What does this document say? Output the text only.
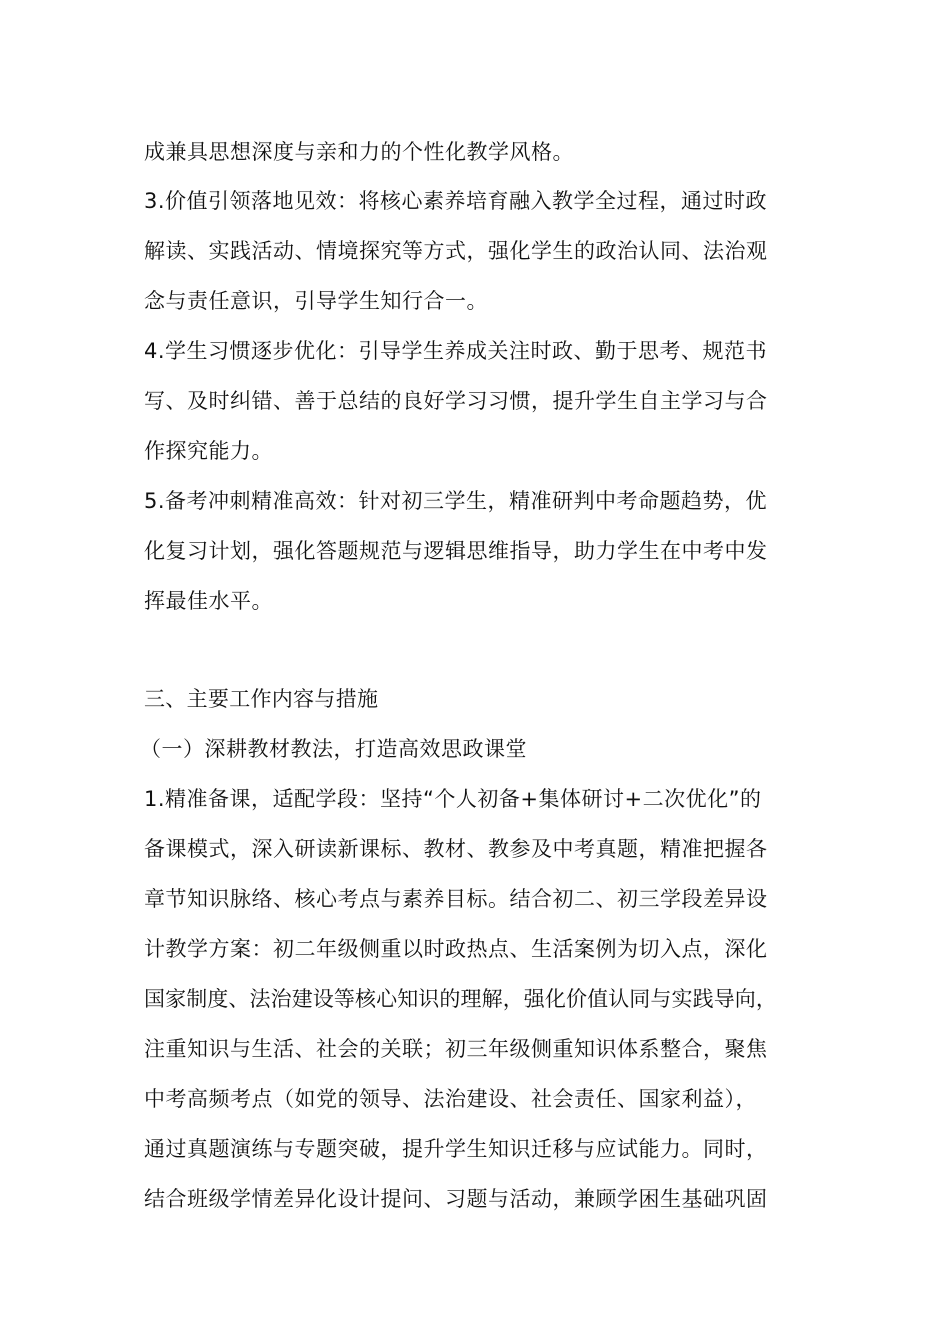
成兼具思想深度与亲和力的个性化教学风格。
3.价值引领落地见效：将核心素养培育融入教学全过程，通过时政
解读、实践活动、情境探究等方式，强化学生的政治认同、法治观
念与责任意识，引导学生知行合一。
4.学生习惯逐步优化：引导学生养成关注时政、勤于思考、规范书
写、及时纠错、善于总结的良好学习习惯，提升学生自主学习与合
作探究能力。
5.备考冲刺精准高效：针对初三学生，精准研判中考命题趋势，优
化复习计划，强化答题规范与逻辑思维指导，助力学生在中考中发
挥最佳水平。
三、主要工作内容与措施
（一）深耕教材教法，打造高效思政课堂
1.精准备课，适配学段：坚持“个人初备+集体研讨+二次优化”的
备课模式，深入研读新课标、教材、教参及中考真题，精准把握各
章节知识脉络、核心考点与素养目标。结合初二、初三学段差异设
计教学方案：初二年级侧重以时政热点、生活案例为切入点，深化
国家制度、法治建设等核心知识的理解，强化价值认同与实践导向，
注重知识与生活、社会的关联；初三年级侧重知识体系整合，聚焦
中考高频考点（如党的领导、法治建设、社会责任、国家利益），
通过真题演练与专题突破，提升学生知识迁移与应试能力。同时，
结合班级学情差异化设计提问、习题与活动，兼顾学困生基础巩固
